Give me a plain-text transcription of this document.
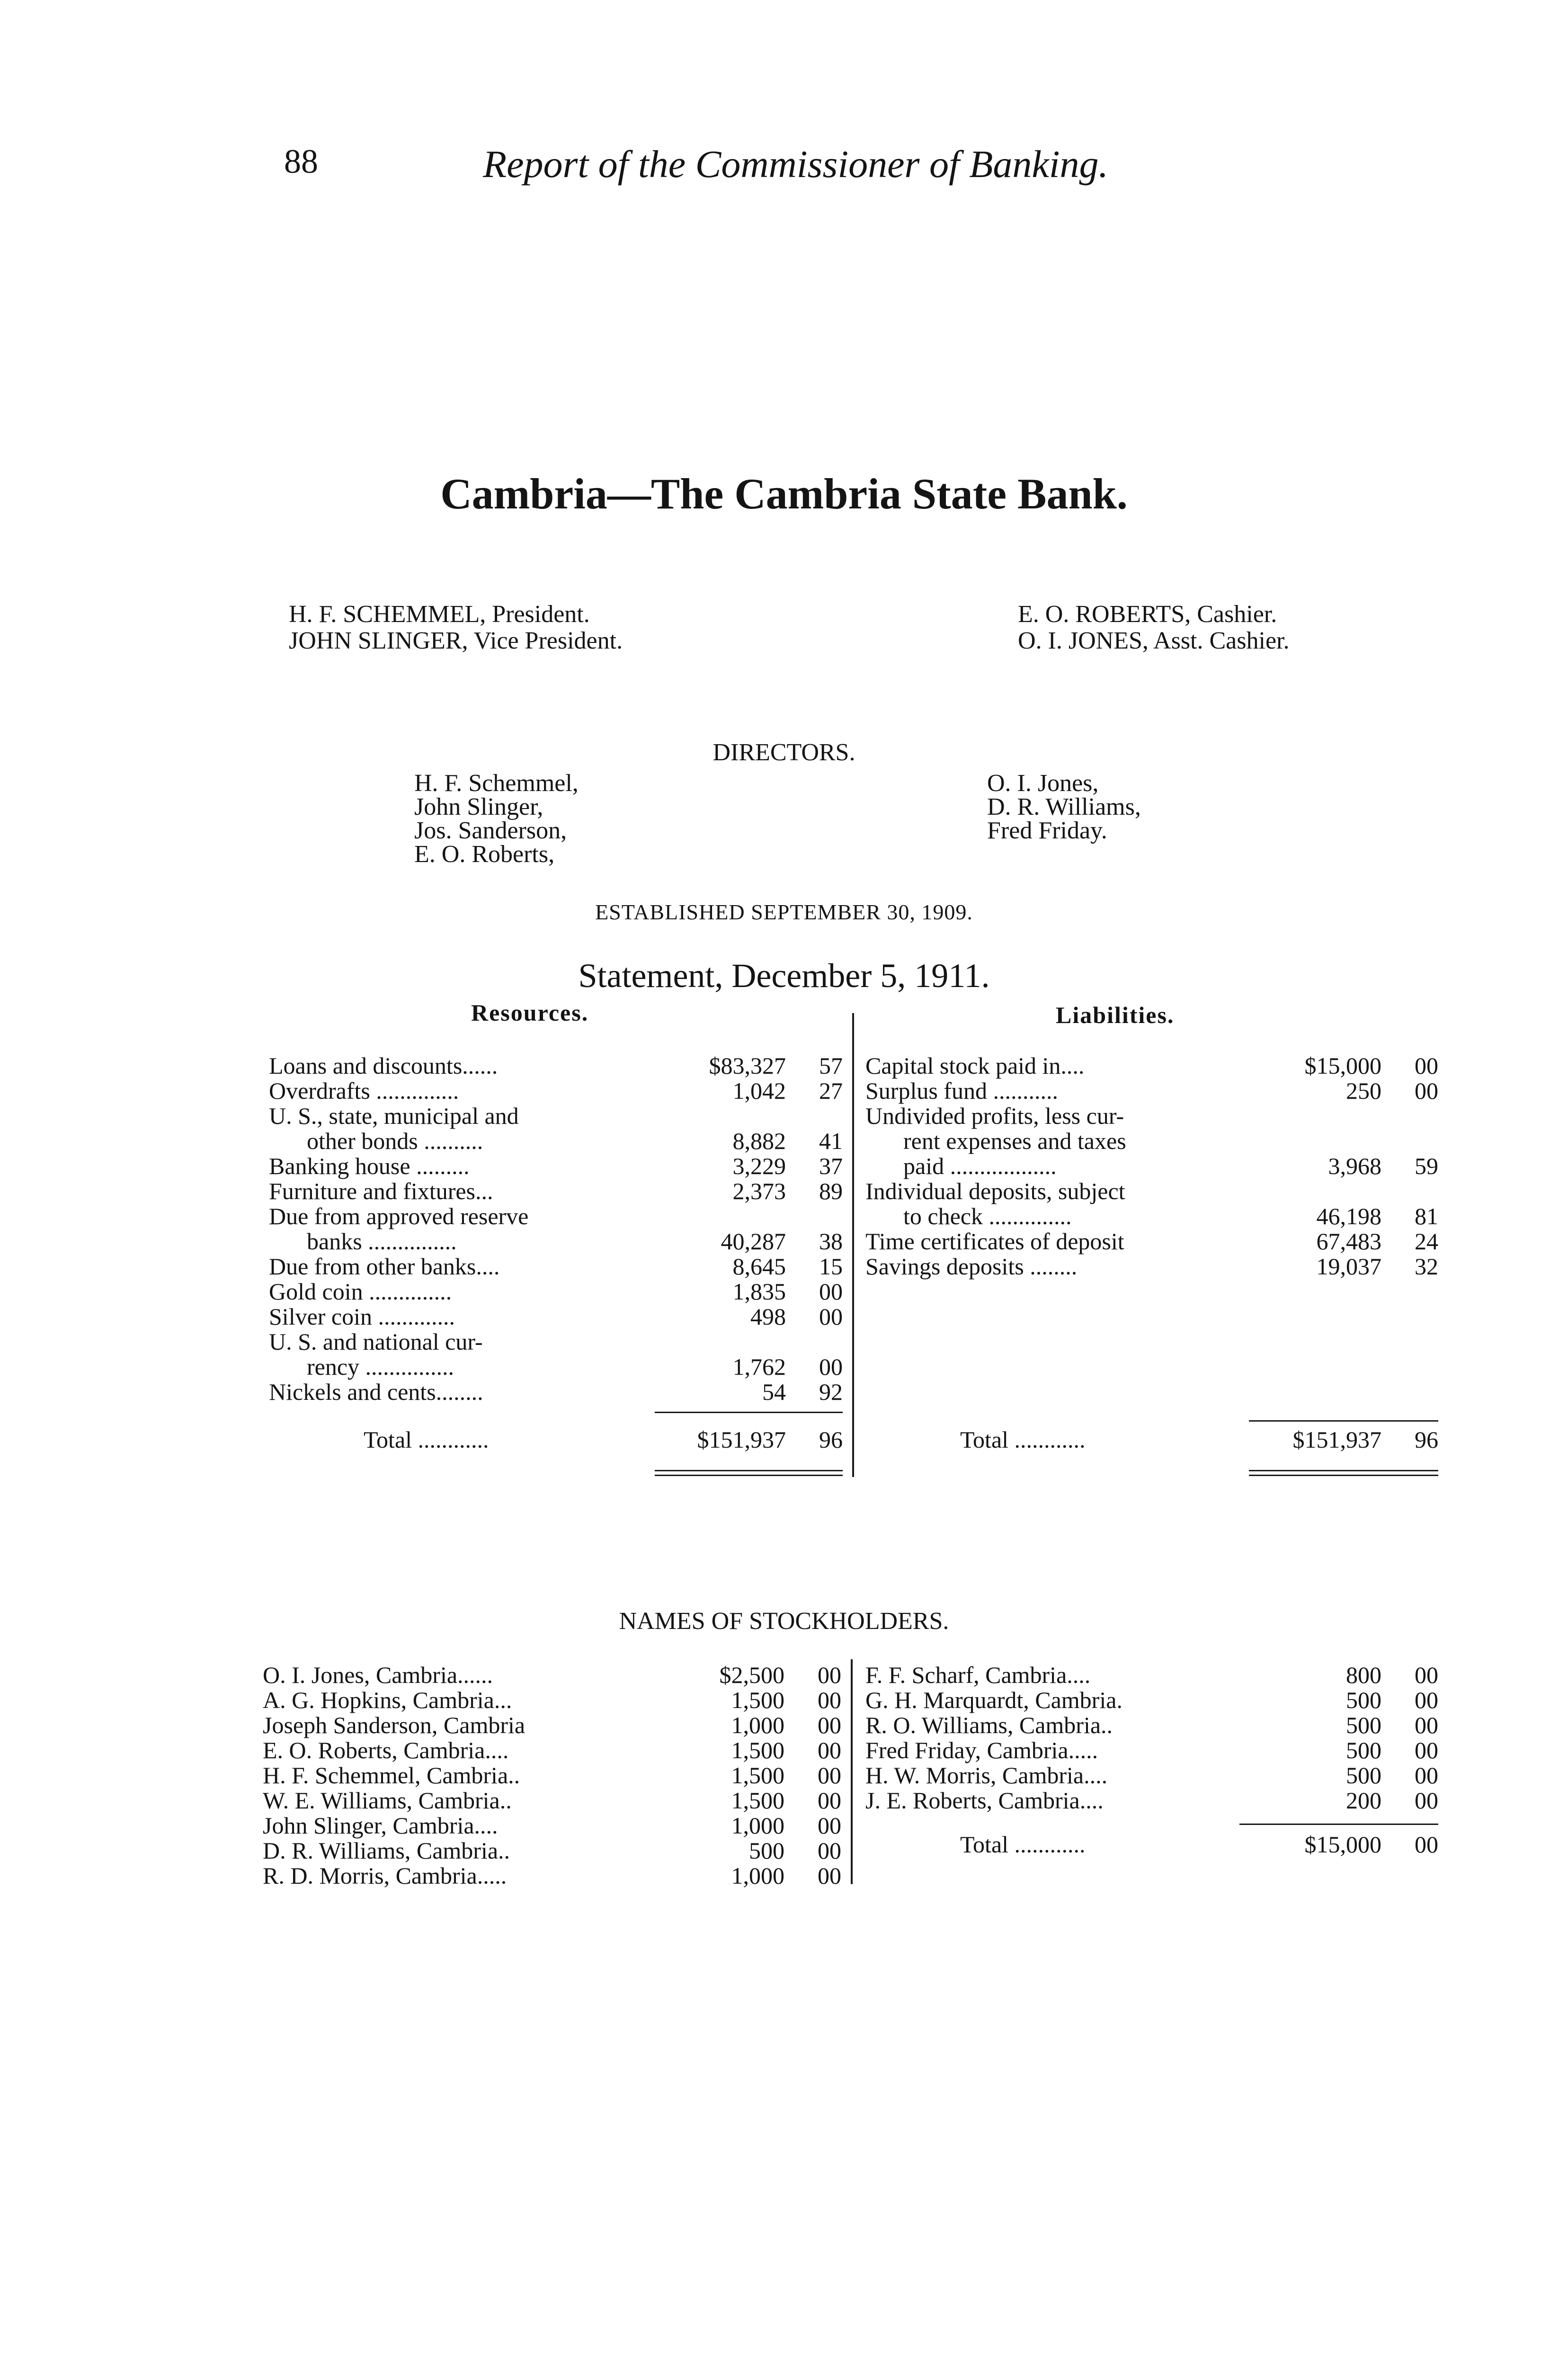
88	Report of the Commissioner of Banking.
Cambria—The Cambria State Bank.
H. F. SCHEMMEL, President.
JOHN SLINGER, Vice President.
E. O. ROBERTS, Cashier.
O. I. JONES, Asst. Cashier.
DIRECTORS.
H. F. Schemmel,
John Slinger,
Jos. Sanderson,
E. O. Roberts,
O. I. Jones,
D. R. Williams,
Fred Friday.
ESTABLISHED SEPTEMBER 30, 1909.
Statement, December 5, 1911.
Resources.	Liabilities.
Loans and discounts......	$83,327	57
Overdrafts ..............	1,042	27
U. S., state, municipal and
other bonds ..........	8,882	41
Banking house .........	3,229	37
Furniture and fixtures...	2,373	89
Due from approved reserve
banks ...............	40,287	38
Due from other banks....	8,645	15
Gold coin ..............	1,835	00
Silver coin .............	498	00
U. S. and national cur-
rency ...............	1,762	00
Nickels and cents........	54	92
Total ............	$151,937	96
Capital stock paid in....	$15,000	00
Surplus fund ...........	250	00
Undivided profits, less cur-
rent expenses and taxes
paid ..................	3,968	59
Individual deposits, subject
to check ..............	46,198	81
Time certificates of deposit	67,483	24
Savings deposits ........	19,037	32
Total ............	$151,937	96
NAMES OF STOCKHOLDERS.
O. I. Jones, Cambria......	$2,500	00
A. G. Hopkins, Cambria...	1,500	00
Joseph Sanderson, Cambria	1,000	00
E. O. Roberts, Cambria....	1,500	00
H. F. Schemmel, Cambria..	1,500	00
W. E. Williams, Cambria..	1,500	00
John Slinger, Cambria....	1,000	00
D. R. Williams, Cambria..	500	00
R. D. Morris, Cambria.....	1,000	00
F. F. Scharf, Cambria....	800	00
G. H. Marquardt, Cambria.	500	00
R. O. Williams, Cambria..	500	00
Fred Friday, Cambria.....	500	00
H. W. Morris, Cambria....	500	00
J. E. Roberts, Cambria....	200	00
Total ............	$15,000	00
